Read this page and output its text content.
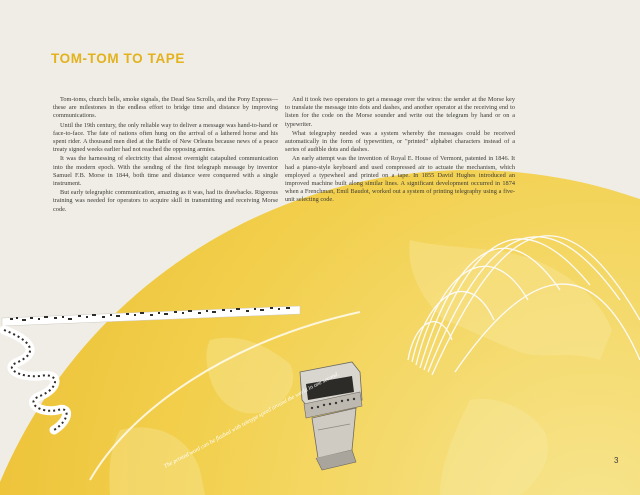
The printed word can be flashed with teletype speed around the world in one second.
TOM-TOM TO TAPE

Tom-toms, church bells, smoke signals, the Dead Sea Scrolls, and the Pony Express—these are milestones in the endless effort to bridge time and distance by improving communications.

Until the 19th century, the only reliable way to deliver a message was hand-to-hand or face-to-face. The fate of nations often hung on the arrival of a lathered horse and his spent rider. A thousand men died at the Battle of New Orleans because news of a peace treaty signed weeks earlier had not reached the opposing armies.

It was the harnessing of electricity that almost overnight catapulted communication into the modern epoch. With the sending of the first telegraph message by inventor Samuel F.B. Morse in 1844, both time and distance were conquered with a single instrument.

But early telegraphic communication, amazing as it was, had its drawbacks. Rigorous training was needed for operators to acquire skill in transmitting and receiving Morse code.

And it took two operators to get a message over the wires: the sender at the Morse key to translate the message into dots and dashes, and another operator at the receiving end to listen for the code on the Morse sounder and write out the telegram by hand or on a typewriter.

What telegraphy needed was a system whereby the messages could be received automatically in the form of typewritten, or "printed" alphabet characters instead of a series of audible dots and dashes.

An early attempt was the invention of Royal E. House of Vermont, patented in 1846. It had a piano-style keyboard and used compressed air to actuate the mechanism, which employed a typewheel and printed on a tape. In 1855 David Hughes introduced an improved machine built along similar lines. A significant development occurred in 1874 when a Frenchman, Emil Baudot, worked out a system of printing telegraphy using a five-unit selecting code.

3
